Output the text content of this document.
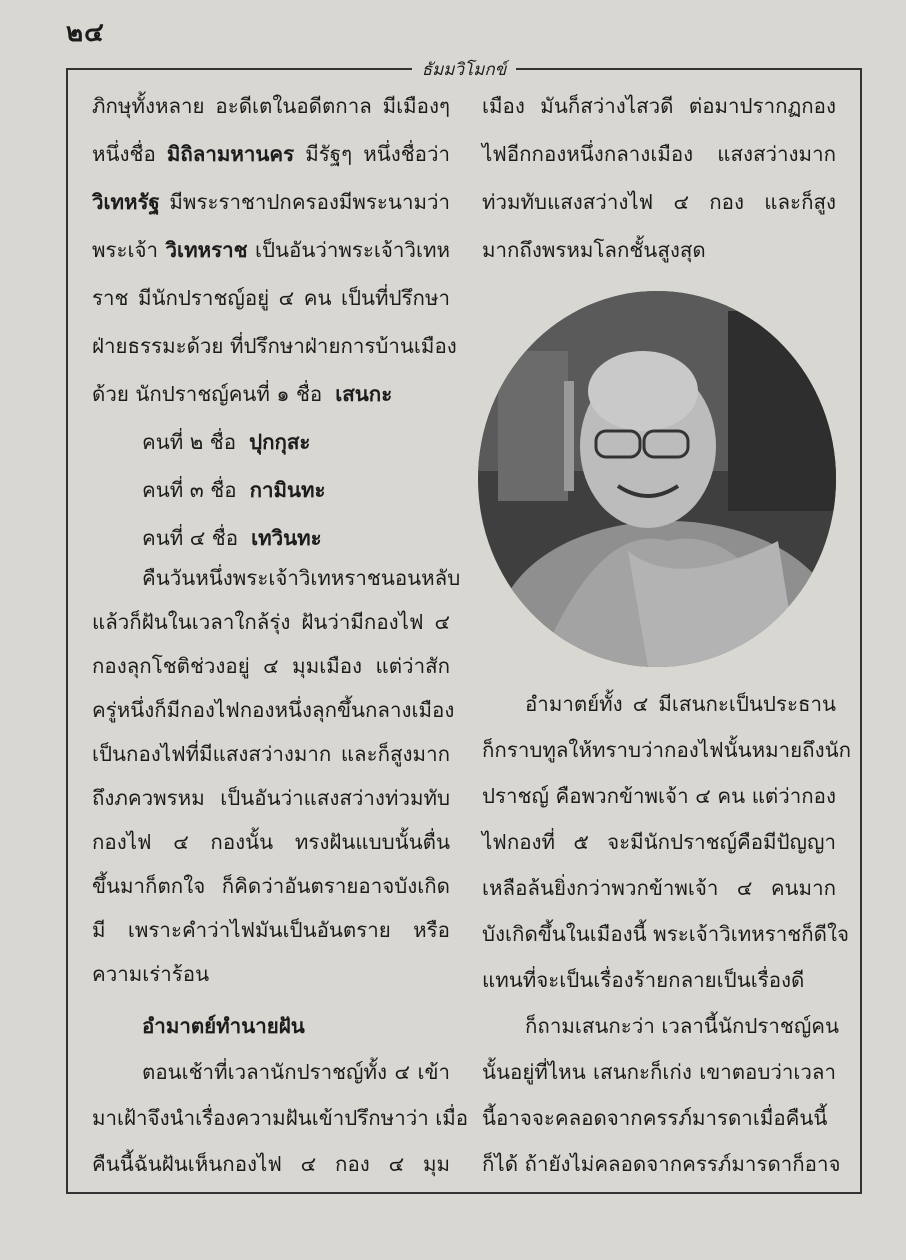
๒๔
ธัมมวิโมกข์
ภิกษุทั้งหลาย อะดีเตในอดีตกาล มีเมืองๆ
หนึ่งชื่อ มิถิลามหานคร มีรัฐๆ หนึ่งชื่อว่า
วิเทหรัฐ มีพระราชาปกครองมีพระนามว่า
พระเจ้า วิเทหราช เป็นอันว่าพระเจ้าวิเทห
ราช มีนักปราชญ์อยู่ ๔ คน เป็นที่ปรึกษา
ฝ่ายธรรมะด้วย ที่ปรึกษาฝ่ายการบ้านเมือง
ด้วย นักปราชญ์คนที่ ๑ ชื่อ เสนกะ
คนที่ ๒ ชื่อ ปุกกุสะ
คนที่ ๓ ชื่อ กามินทะ
คนที่ ๔ ชื่อ เทวินทะ
คืนวันหนึ่งพระเจ้าวิเทหราชนอนหลับ
แล้วก็ฝันในเวลาใกล้รุ่ง ฝันว่ามีกองไฟ ๔
กองลุกโชติช่วงอยู่ ๔ มุมเมือง แต่ว่าสัก
ครู่หนึ่งก็มีกองไฟกองหนึ่งลุกขึ้นกลางเมือง
เป็นกองไฟที่มีแสงสว่างมาก และก็สูงมาก
ถึงภควพรหม เป็นอันว่าแสงสว่างท่วมทับ
กองไฟ ๔ กองนั้น ทรงฝันแบบนั้นตื่น
ขึ้นมาก็ตกใจ ก็คิดว่าอันตรายอาจบังเกิด
มี เพราะคำว่าไฟมันเป็นอันตราย หรือ
ความเร่าร้อน
อำมาตย์ทำนายฝัน
ตอนเช้าที่เวลานักปราชญ์ทั้ง ๔ เข้า
เมือง มันก็สว่างไสวดี ต่อมาปรากฏกอง
ไฟอีกกองหนึ่งกลางเมือง แสงสว่างมาก
ท่วมทับแสงสว่างไฟ ๔ กอง และก็สูง
มากถึงพรหมโลกชั้นสูงสุด
อำมาตย์ทั้ง ๔ มีเสนกะเป็นประธาน
ก็กราบทูลให้ทราบว่ากองไฟนั้นหมายถึงนัก
ปราชญ์ คือพวกข้าพเจ้า ๔ คน แต่ว่ากอง
ไฟกองที่ ๕ จะมีนักปราชญ์คือมีปัญญา
เหลือล้นยิ่งกว่าพวกข้าพเจ้า ๔ คนมาก
บังเกิดขึ้นในเมืองนี้ พระเจ้าวิเทหราชก็ดีใจ
แทนที่จะเป็นเรื่องร้ายกลายเป็นเรื่องดี
ก็ถามเสนกะว่า เวลานี้นักปราชญ์คน
นั้นอยู่ที่ไหน เสนกะก็เก่ง เขาตอบว่าเวลา
นี้อาจจะคลอดจากครรภ์มารดาเมื่อคืนนี้
มาเฝ้าจึงนำเรื่องความฝันเข้าปรึกษาว่า เมื่อ
คืนนี้ฉันฝันเห็นกองไฟ ๔ กอง ๔ มุม ก็ได้ ถ้ายังไม่คลอดจากครรภ์มารดาก็อาจ
